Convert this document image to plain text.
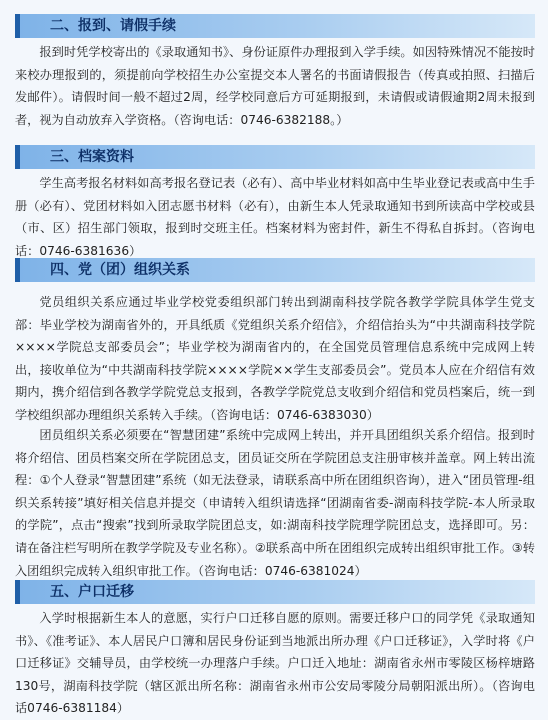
二、报到、请假手续

报到时凭学校寄出的《录取通知书》、身份证原件办理报到入学手续。如因特殊情况不能按时来校办理报到的，须提前向学校招生办公室提交本人署名的书面请假报告（传真或拍照、扫描后发邮件）。请假时间一般不超过2周，经学校同意后方可延期报到，未请假或请假逾期2周未报到者，视为自动放弃入学资格。（咨询电话：0746-6382188。）

三、档案资料

学生高考报名材料如高考报名登记表（必有）、高中毕业材料如高中生毕业登记表或高中生手册（必有）、党团材料如入团志愿书材料（必有），由新生本人凭录取通知书到所读高中学校或县（市、区）招生部门领取，报到时交班主任。档案材料为密封件，新生不得私自拆封。（咨询电话：0746-6381636）

四、党（团）组织关系

党员组织关系应通过毕业学校党委组织部门转出到湖南科技学院各教学学院具体学生党支部：毕业学校为湖南省外的，开具纸质《党组织关系介绍信》，介绍信抬头为“中共湖南科技学院××××学院总支部委员会”；毕业学校为湖南省内的，在全国党员管理信息系统中完成网上转出，接收单位为“中共湖南科技学院××××学院××学生支部委员会”。党员本人应在介绍信有效期内，携介绍信到各教学学院党总支报到，各教学学院党总支收到介绍信和党员档案后，统一到学校组织部办理组织关系转入手续。（咨询电话：0746-6383030）

团员组织关系必须要在“智慧团建”系统中完成网上转出，并开具团组织关系介绍信。报到时将介绍信、团员档案交所在学院团总支，团员证交所在学院团总支注册审核并盖章。网上转出流程：①个人登录“智慧团建”系统（如无法登录，请联系高中所在团组织咨询），进入“团员管理-组织关系转接”填好相关信息并提交（申请转入组织请选择“团湖南省委-湖南科技学院-本人所录取的学院”，点击“搜索”找到所录取学院团总支，如:湖南科技学院理学院团总支，选择即可。另：请在备注栏写明所在教学学院及专业名称）。②联系高中所在团组织完成转出组织审批工作。③转入团组织完成转入组织审批工作。（咨询电话：0746-6381024）

五、户口迁移

入学时根据新生本人的意愿，实行户口迁移自愿的原则。需要迁移户口的同学凭《录取通知书》、《准考证》、本人居民户口簿和居民身份证到当地派出所办理《户口迁移证》，入学时将《户口迁移证》交辅导员，由学校统一办理落户手续。户口迁入地址：湖南省永州市零陵区杨梓塘路130号，湖南科技学院（辖区派出所名称：湖南省永州市公安局零陵分局朝阳派出所）。（咨询电话0746-6381184）
